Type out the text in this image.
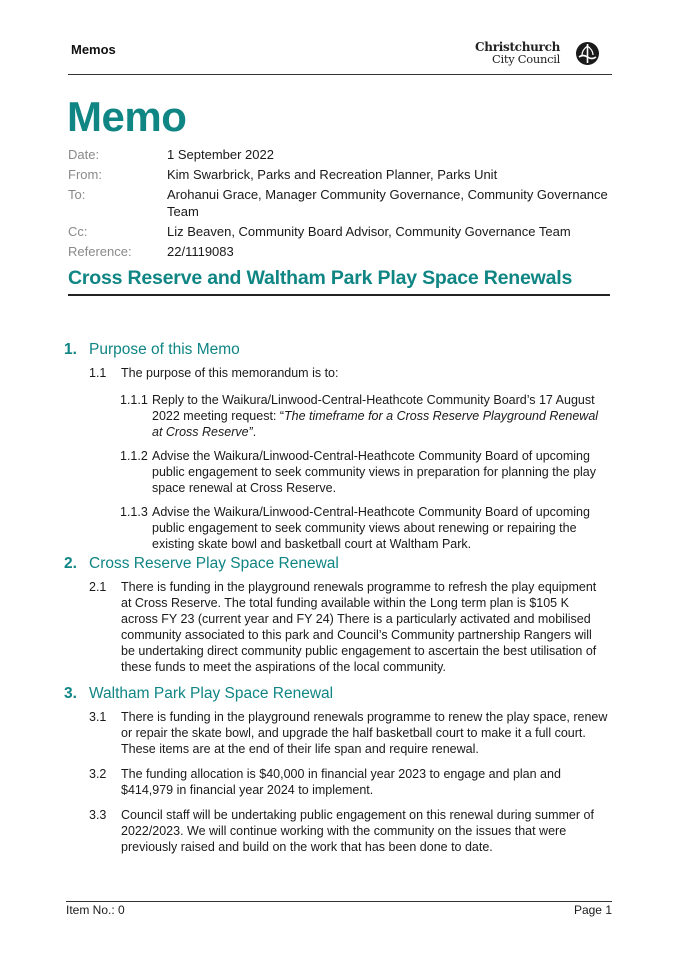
Memos	Christchurch
City Council
Memo
Date:	1 September 2022
From:	Kim Swarbrick, Parks and Recreation Planner, Parks Unit
To:	Arohanui Grace, Manager Community Governance, Community Governance Team
Cc:	Liz Beaven, Community Board Advisor, Community Governance Team
Reference:	22/1119083
Cross Reserve and Waltham Park Play Space Renewals
1. Purpose of this Memo
1.1	The purpose of this memorandum is to:
1.1.1 Reply to the Waikura/Linwood-Central-Heathcote Community Board’s 17 August 2022 meeting request: “The timeframe for a Cross Reserve Playground Renewal at Cross Reserve”.
1.1.2 Advise the Waikura/Linwood-Central-Heathcote Community Board of upcoming public engagement to seek community views in preparation for planning the play space renewal at Cross Reserve.
1.1.3 Advise the Waikura/Linwood-Central-Heathcote Community Board of upcoming public engagement to seek community views about renewing or repairing the existing skate bowl and basketball court at Waltham Park.
2. Cross Reserve Play Space Renewal
2.1	There is funding in the playground renewals programme to refresh the play equipment at Cross Reserve. The total funding available within the Long term plan is $105 K across FY 23 (current year and FY 24) There is a particularly activated and mobilised community associated to this park and Council’s Community partnership Rangers will be undertaking direct community public engagement to ascertain the best utilisation of these funds to meet the aspirations of the local community.
3. Waltham Park Play Space Renewal
3.1	There is funding in the playground renewals programme to renew the play space, renew or repair the skate bowl, and upgrade the half basketball court to make it a full court. These items are at the end of their life span and require renewal.
3.2	The funding allocation is $40,000 in financial year 2023 to engage and plan and $414,979 in financial year 2024 to implement.
3.3	Council staff will be undertaking public engagement on this renewal during summer of 2022/2023. We will continue working with the community on the issues that were previously raised and build on the work that has been done to date.
Item No.: 0	Page 1
